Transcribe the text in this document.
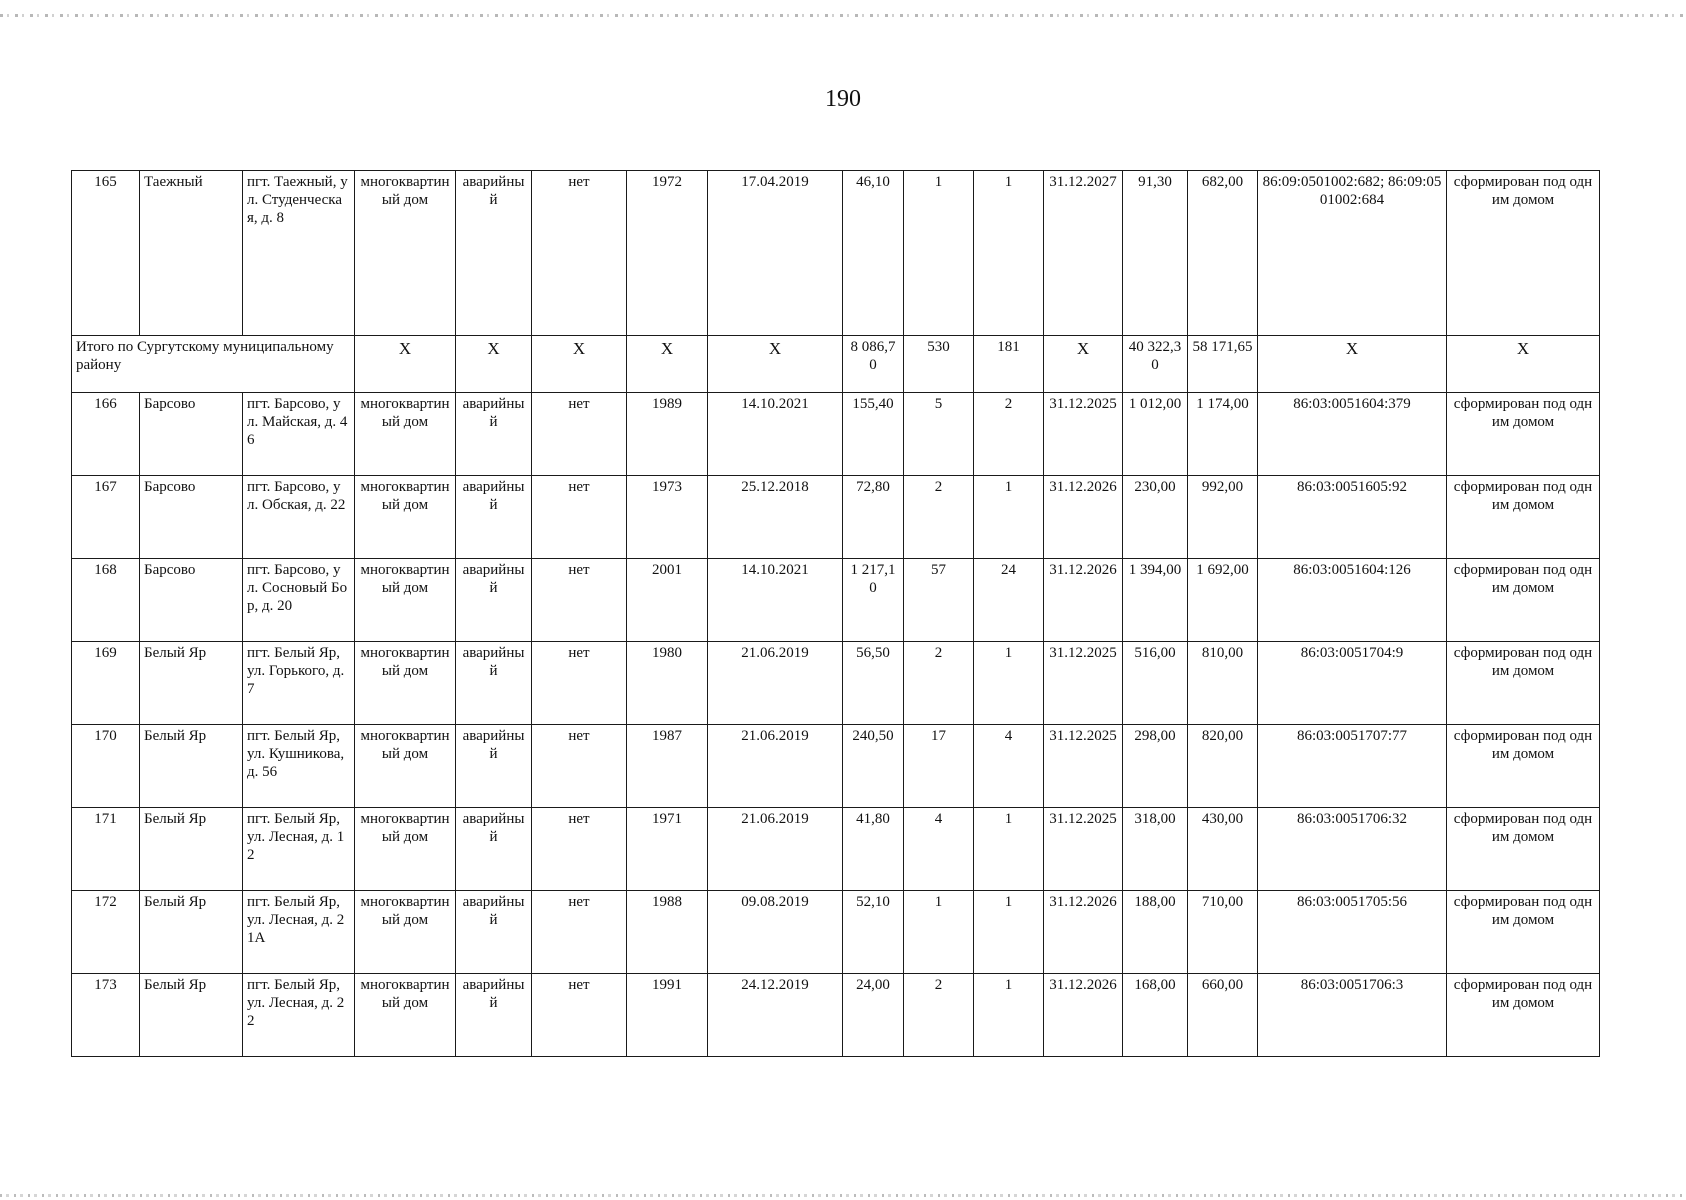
190
165	Таежный	пгт. Таежный, ул. Студенческая, д. 8	многоквартиный дом	аварийный	нет	1972	17.04.2019	46,10	1	1	31.12.2027	91,30	682,00	86:09:0501002:682; 86:09:0501002:684	сформирован под одним домом
Итого по Сургутскому муниципальному району			Х	Х	Х	Х	Х	8 086,70	530	181	Х	40 322,30	58 171,65	Х	Х
166	Барсово	пгт. Барсово, ул. Майская, д. 46	многоквартиный дом	аварийный	нет	1989	14.10.2021	155,40	5	2	31.12.2025	1 012,00	1 174,00	86:03:0051604:379	сформирован под одним домом
167	Барсово	пгт. Барсово, ул. Обская, д. 22	многоквартиный дом	аварийный	нет	1973	25.12.2018	72,80	2	1	31.12.2026	230,00	992,00	86:03:0051605:92	сформирован под одним домом
168	Барсово	пгт. Барсово, ул. Сосновый Бор, д. 20	многоквартиный дом	аварийный	нет	2001	14.10.2021	1 217,10	57	24	31.12.2026	1 394,00	1 692,00	86:03:0051604:126	сформирован под одним домом
169	Белый Яр	пгт. Белый Яр, ул. Горького, д. 7	многоквартиный дом	аварийный	нет	1980	21.06.2019	56,50	2	1	31.12.2025	516,00	810,00	86:03:0051704:9	сформирован под одним домом
170	Белый Яр	пгт. Белый Яр, ул. Кушникова, д. 56	многоквартиный дом	аварийный	нет	1987	21.06.2019	240,50	17	4	31.12.2025	298,00	820,00	86:03:0051707:77	сформирован под одним домом
171	Белый Яр	пгт. Белый Яр, ул. Лесная, д. 12	многоквартиный дом	аварийный	нет	1971	21.06.2019	41,80	4	1	31.12.2025	318,00	430,00	86:03:0051706:32	сформирован под одним домом
172	Белый Яр	пгт. Белый Яр, ул. Лесная, д. 21А	многоквартиный дом	аварийный	нет	1988	09.08.2019	52,10	1	1	31.12.2026	188,00	710,00	86:03:0051705:56	сформирован под одним домом
173	Белый Яр	пгт. Белый Яр, ул. Лесная, д. 22	многоквартиный дом	аварийный	нет	1991	24.12.2019	24,00	2	1	31.12.2026	168,00	660,00	86:03:0051706:3	сформирован под одним домом
